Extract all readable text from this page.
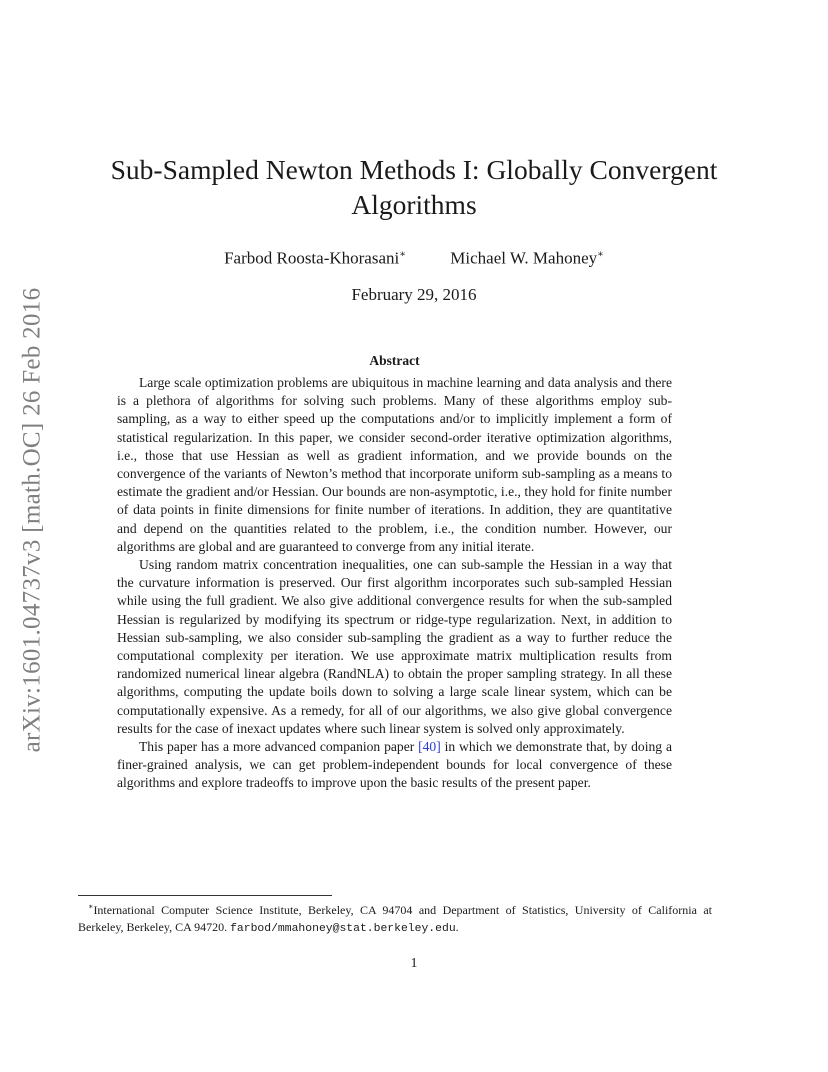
arXiv:1601.04737v3 [math.OC] 26 Feb 2016
Sub-Sampled Newton Methods I: Globally Convergent
Algorithms
Farbod Roosta-Khorasani∗	Michael W. Mahoney∗
February 29, 2016
Abstract

Large scale optimization problems are ubiquitous in machine learning and data analysis and there is a plethora of algorithms for solving such problems. Many of these algorithms employ sub-sampling, as a way to either speed up the computations and/or to implicitly implement a form of statistical regularization. In this paper, we consider second-order iterative optimization algorithms, i.e., those that use Hessian as well as gradient information, and we provide bounds on the convergence of the variants of Newton’s method that incorporate uniform sub-sampling as a means to estimate the gradient and/or Hessian. Our bounds are non-asymptotic, i.e., they hold for finite number of data points in finite dimensions for finite number of iterations. In addition, they are quantitative and depend on the quantities related to the problem, i.e., the condition number. However, our algorithms are global and are guaranteed to converge from any initial iterate.

Using random matrix concentration inequalities, one can sub-sample the Hessian in a way that the curvature information is preserved. Our first algorithm incorporates such sub-sampled Hessian while using the full gradient. We also give additional convergence results for when the sub-sampled Hessian is regularized by modifying its spectrum or ridge-type regularization. Next, in addition to Hessian sub-sampling, we also consider sub-sampling the gradient as a way to further reduce the computational complexity per iteration. We use approximate matrix multiplication results from randomized numerical linear algebra (RandNLA) to obtain the proper sampling strategy. In all these algorithms, computing the update boils down to solving a large scale linear system, which can be computationally expensive. As a remedy, for all of our algorithms, we also give global convergence results for the case of inexact updates where such linear system is solved only approximately.

This paper has a more advanced companion paper [40] in which we demonstrate that, by doing a finer-grained analysis, we can get problem-independent bounds for local convergence of these algorithms and explore tradeoffs to improve upon the basic results of the present paper.

∗International Computer Science Institute, Berkeley, CA 94704 and Department of Statistics, University of California at Berkeley, Berkeley, CA 94720. farbod/mmahoney@stat.berkeley.edu.
1
